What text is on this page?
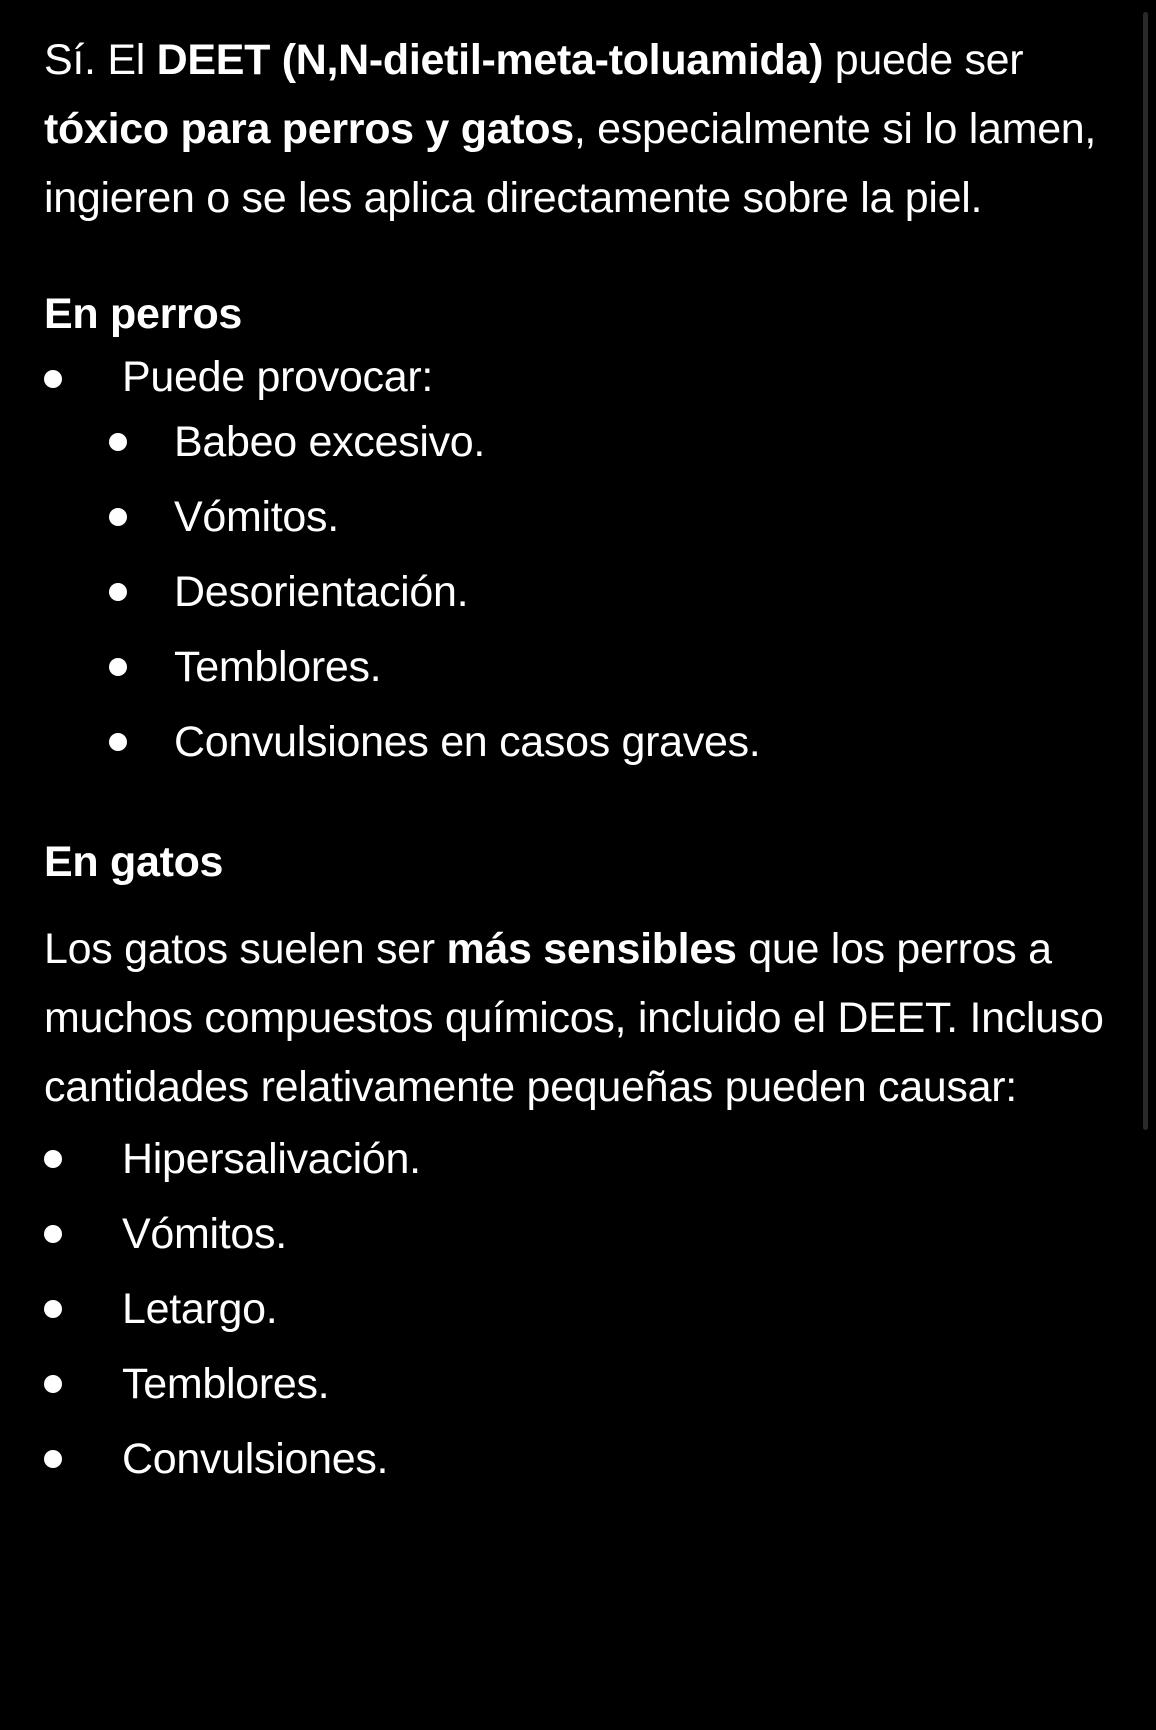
Sí. El DEET (N,N-dietil-meta-toluamida) puede ser tóxico para perros y gatos, especialmente si lo lamen, ingieren o se les aplica directamente sobre la piel.

En perros
Puede provocar:
Babeo excesivo.
Vómitos.
Desorientación.
Temblores.
Convulsiones en casos graves.
En gatos

Los gatos suelen ser más sensibles que los perros a muchos compuestos químicos, incluido el DEET. Incluso cantidades relativamente pequeñas pueden causar:

Hipersalivación.
Vómitos.
Letargo.
Temblores.
Convulsiones.
